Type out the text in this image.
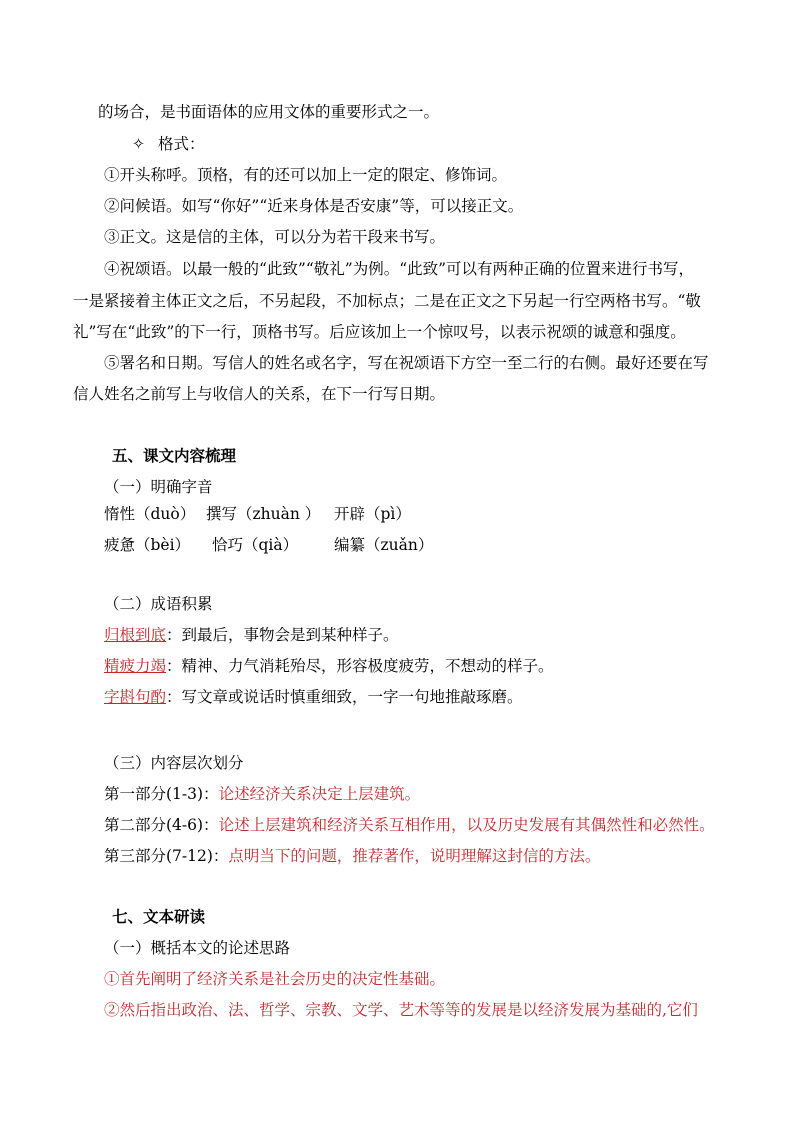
的场合，是书面语体的应用文体的重要形式之一。
✧ 格式：
①开头称呼。顶格，有的还可以加上一定的限定、修饰词。
②问候语。如写“你好”“近来身体是否安康”等，可以接正文。
③正文。这是信的主体，可以分为若干段来书写。
④祝颂语。以最一般的“此致”“敬礼”为例。“此致”可以有两种正确的位置来进行书写，
一是紧接着主体正文之后，不另起段，不加标点；二是在正文之下另起一行空两格书写。“敬
礼”写在“此致”的下一行，顶格书写。后应该加上一个惊叹号，以表示祝颂的诚意和强度。
⑤署名和日期。写信人的姓名或名字，写在祝颂语下方空一至二行的右侧。最好还要在写
信人姓名之前写上与收信人的关系，在下一行写日期。
五、课文内容梳理
（一）明确字音
惰性（duò） 撰写（zhuàn ） 开辟（pì）
疲惫（bèi） 恰巧（qià） 编纂（zuǎn）
（二）成语积累
归根到底：到最后，事物会是到某种样子。
精疲力竭：精神、力气消耗殆尽，形容极度疲劳，不想动的样子。
字斟句酌：写文章或说话时慎重细致，一字一句地推敲琢磨。
（三）内容层次划分
第一部分(1-3)：论述经济关系决定上层建筑。
第二部分(4-6)：论述上层建筑和经济关系互相作用，以及历史发展有其偶然性和必然性。
第三部分(7-12)：点明当下的问题，推荐著作，说明理解这封信的方法。
七、文本研读
（一）概括本文的论述思路
①首先阐明了经济关系是社会历史的决定性基础。
②然后指出政治、法、哲学、宗教、文学、艺术等等的发展是以经济发展为基础的,它们
